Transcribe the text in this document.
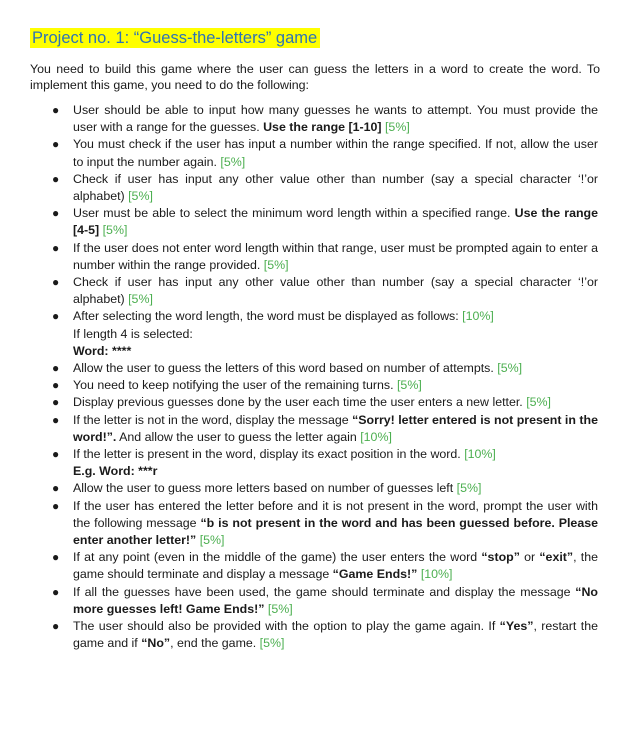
Project no. 1: “Guess-the-letters” game
You need to build this game where the user can guess the letters in a word to create the word. To implement this game, you need to do the following:
● User should be able to input how many guesses he wants to attempt. You must provide the user with a range for the guesses. Use the range [1-10] [5%]
● You must check if the user has input a number within the range specified. If not, allow the user to input the number again. [5%]
● Check if user has input any other value other than number (say a special character ‘!’or alphabet) [5%]
● User must be able to select the minimum word length within a specified range. Use the range [4-5] [5%]
● If the user does not enter word length within that range, user must be prompted again to enter a number within the range provided. [5%]
● Check if user has input any other value other than number (say a special character ‘!’or alphabet) [5%]
● After selecting the word length, the word must be displayed as follows: [10%]
If length 4 is selected:
Word: ****
● Allow the user to guess the letters of this word based on number of attempts. [5%]
● You need to keep notifying the user of the remaining turns. [5%]
● Display previous guesses done by the user each time the user enters a new letter. [5%]
● If the letter is not in the word, display the message “Sorry! letter entered is not present in the word!”. And allow the user to guess the letter again [10%]
● If the letter is present in the word, display its exact position in the word. [10%]
E.g. Word: ***r
● Allow the user to guess more letters based on number of guesses left [5%]
● If the user has entered the letter before and it is not present in the word, prompt the user with the following message “b is not present in the word and has been guessed before. Please enter another letter!” [5%]
● If at any point (even in the middle of the game) the user enters the word “stop” or “exit”, the game should terminate and display a message “Game Ends!” [10%]
● If all the guesses have been used, the game should terminate and display the message “No more guesses left! Game Ends!” [5%]
● The user should also be provided with the option to play the game again. If “Yes”, restart the game and if “No”, end the game. [5%]
